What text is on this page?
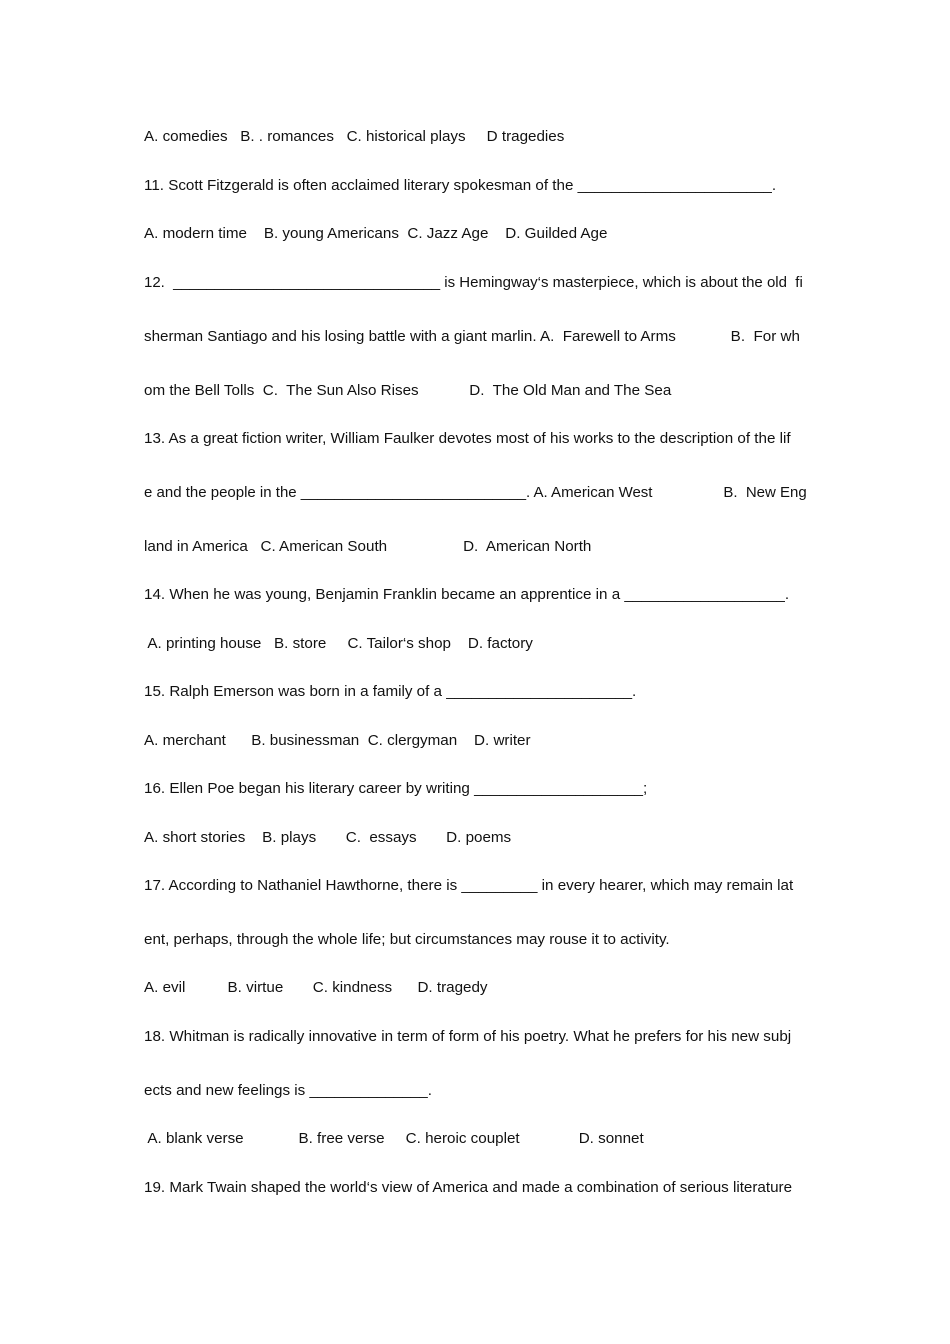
A. comedies   B. . romances   C. historical plays     D tragedies
11. Scott Fitzgerald is often acclaimed literary spokesman of the _______________________.
A. modern time    B. young Americans  C. Jazz Age    D. Guilded Age
12.  ________________________________ is Hemingway‘s masterpiece, which is about the old  fi
sherman Santiago and his losing battle with a giant marlin. A.  Farewell to Arms             B.  For wh
om the Bell Tolls  C.  The Sun Also Rises            D.  The Old Man and The Sea
13. As a great fiction writer, William Faulker devotes most of his works to the description of the lif
e and the people in the ___________________________. A. American West                 B.  New Eng
land in America   C. American South                  D.  American North
14. When he was young, Benjamin Franklin became an apprentice in a ___________________.
A. printing house   B. store     C. Tailor‘s shop    D. factory
15. Ralph Emerson was born in a family of a ______________________.
A. merchant      B. businessman  C. clergyman    D. writer
16. Ellen Poe began his literary career by writing ____________________;
A. short stories    B. plays       C.  essays       D. poems
17. According to Nathaniel Hawthorne, there is _________ in every hearer, which may remain lat
ent, perhaps, through the whole life; but circumstances may rouse it to activity.
A. evil          B. virtue       C. kindness      D. tragedy
18. Whitman is radically innovative in term of form of his poetry. What he prefers for his new subj
ects and new feelings is ______________.
A. blank verse             B. free verse     C. heroic couplet              D. sonnet
19. Mark Twain shaped the world‘s view of America and made a combination of serious literature
